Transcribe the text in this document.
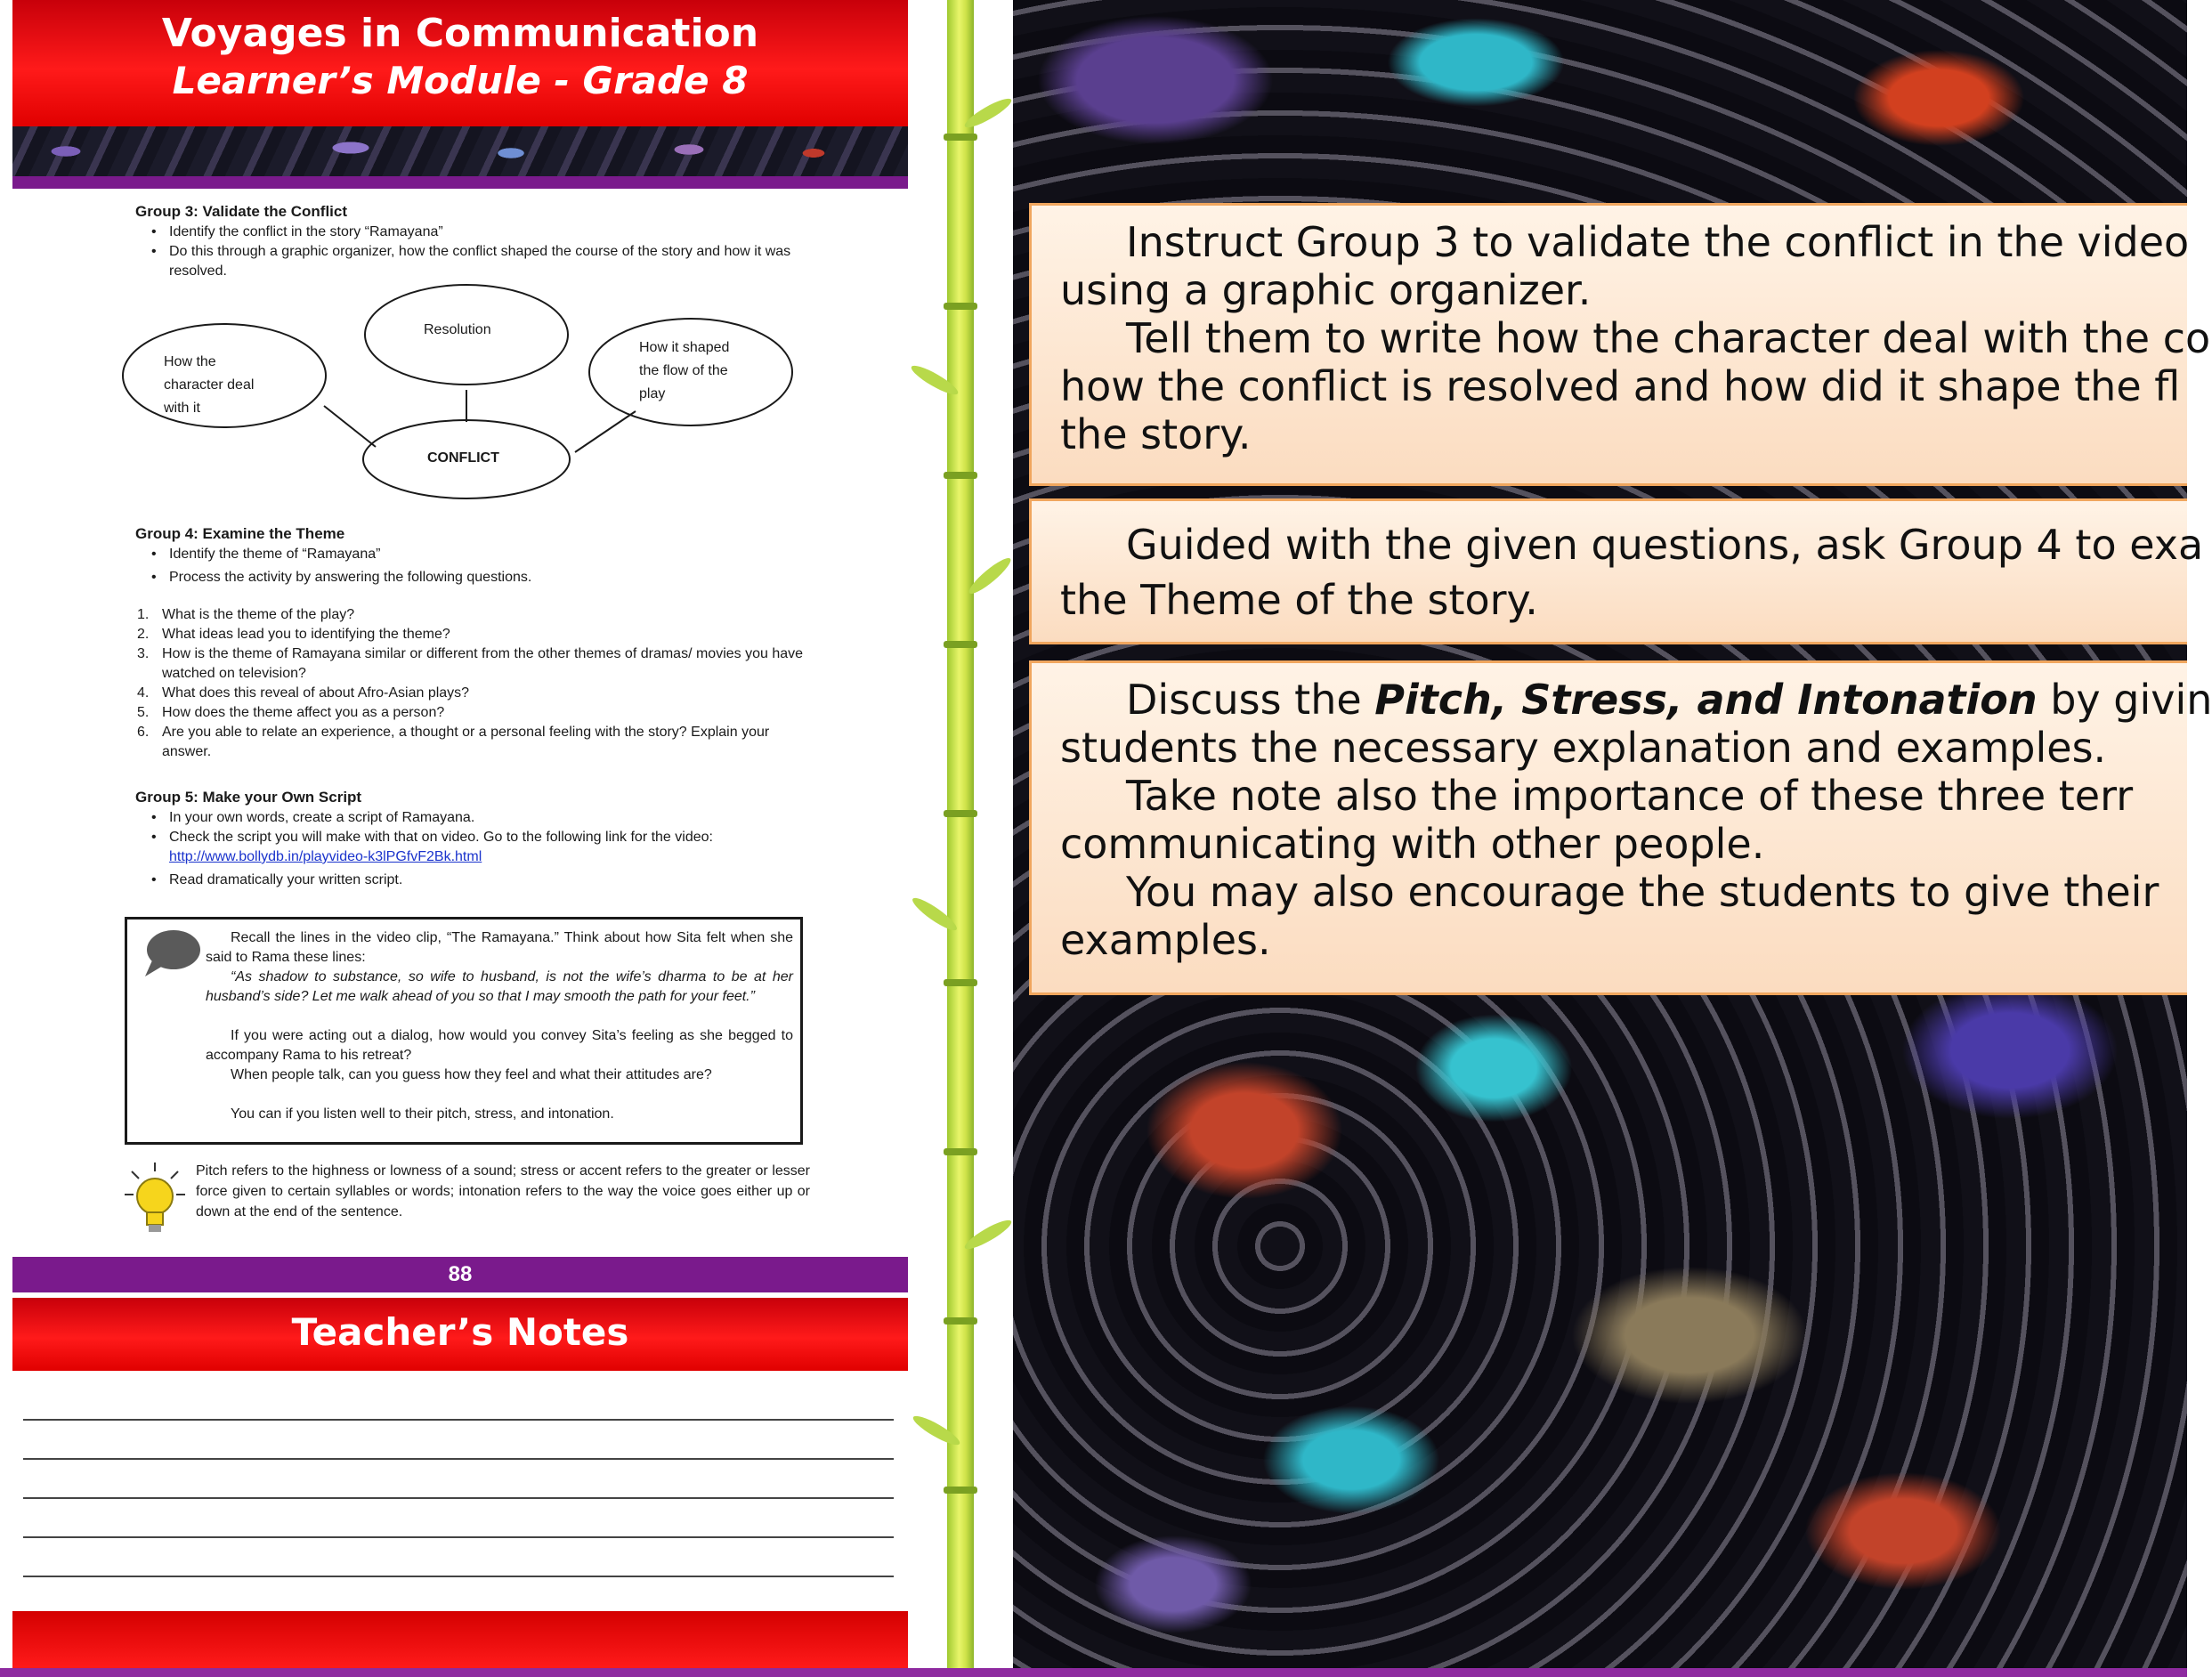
Voyages in Communication
Learner’s Module - Grade 8
Group 3: Validate the Conflict
• Identify the conflict in the story “Ramayana”
• Do this through a graphic organizer, how the conflict shaped the course of the story and how it was resolved.
Resolution
How the
character deal
with it
How it shaped
the flow of the
play
CONFLICT
Group 4: Examine the Theme
• Identify the theme of “Ramayana”
• Process the activity by answering the following questions.
1. What is the theme of the play?
2. What ideas lead you to identifying the theme?
3. How is the theme of Ramayana similar or different from the other themes of dramas/ movies you have watched on television?
4. What does this reveal of about Afro-Asian plays?
5. How does the theme affect you as a person?
6. Are you able to relate an experience, a thought or a personal feeling with the story? Explain your answer.
Group 5: Make your Own Script
• In your own words, create a script of Ramayana.
• Check the script you will make with that on video. Go to the following link for the video: http://www.bollydb.in/playvideo-k3lPGfvF2Bk.html
• Read dramatically your written script.
Recall the lines in the video clip, “The Ramayana.” Think about how Sita felt when she said to Rama these lines:
“As shadow to substance, so wife to husband, is not the wife’s dharma to be at her husband’s side? Let me walk ahead of you so that I may smooth the path for your feet.”
If you were acting out a dialog, how would you convey Sita’s feeling as she begged to accompany Rama to his retreat?
When people talk, can you guess how they feel and what their attitudes are?
You can if you listen well to their pitch, stress, and intonation.
Pitch refers to the highness or lowness of a sound; stress or accent refers to the greater or lesser force given to certain syllables or words; intonation refers to the way the voice goes either up or down at the end of the sentence.
88
Teacher’s Notes

Instruct Group 3 to validate the conflict in the video

using a graphic organizer.

Tell them to write how the character deal with the co

how the conflict is resolved and how did it shape the fl

the story.

Guided with the given questions, ask Group 4 to exa

the Theme of the story.

Discuss the Pitch, Stress, and Intonation by givin

students the necessary explanation and examples.

Take note also the importance of these three terr

communicating with other people.

You may also encourage the students to give their

examples.
